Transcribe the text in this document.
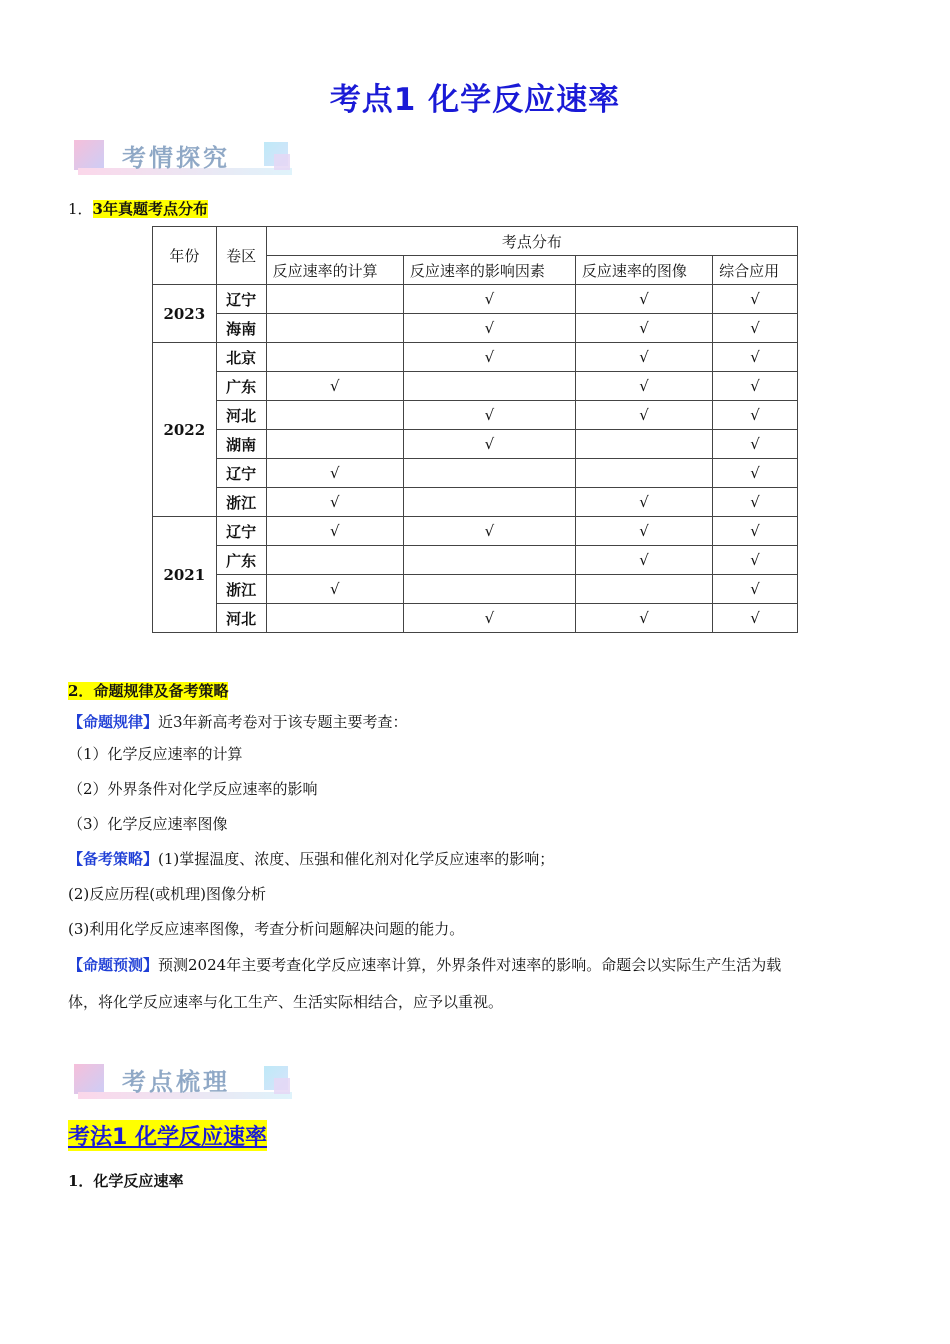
考点1 化学反应速率
考情探究
1．3年真题考点分布
年份	卷区	考点分布			
		反应速率的计算	反应速率的影响因素	反应速率的图像	综合应用
2023	辽宁		√	√	√
	海南		√	√	√
2022	北京		√	√	√
	广东	√		√	√
	河北		√	√	√
	湖南		√		√
	辽宁	√			√
	浙江	√		√	√
2021	辽宁	√	√	√	√
	广东			√	√
	浙江	√			√
	河北		√	√	√
2．命题规律及备考策略
【命题规律】近3年新高考卷对于该专题主要考查：
（1）化学反应速率的计算
（2）外界条件对化学反应速率的影响
（3）化学反应速率图像
【备考策略】(1)掌握温度、浓度、压强和催化剂对化学反应速率的影响；
(2)反应历程(或机理)图像分析
(3)利用化学反应速率图像，考查分析问题解决问题的能力。
【命题预测】预测2024年主要考查化学反应速率计算，外界条件对速率的影响。命题会以实际生产生活为载
体，将化学反应速率与化工生产、生活实际相结合，应予以重视。
考点梳理
考法1 化学反应速率
1．化学反应速率
